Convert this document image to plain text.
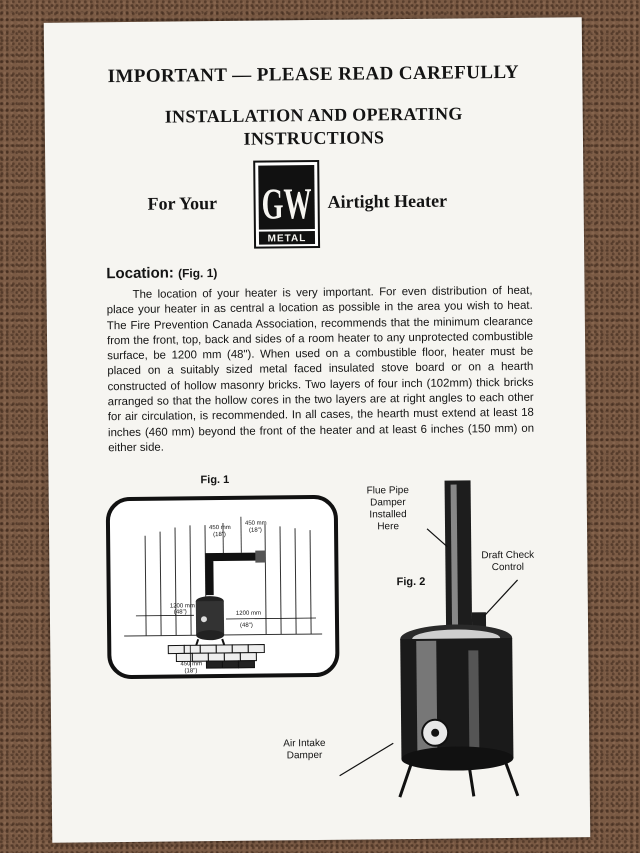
IMPORTANT — PLEASE READ CAREFULLY
INSTALLATION AND OPERATING
INSTRUCTIONS
For Your GW
METAL
Airtight Heater
Location: (Fig. 1)
The location of your heater is very important. For even distribution of heat, place your heater in as central a location as possible in the area you wish to heat. The Fire Prevention Canada Association, recommends that the minimum clearance from the front, top, back and sides of a room heater to any unprotected combustible surface, be 1200 mm (48"). When used on a combustible floor, heater must be placed on a suitably sized metal faced insulated stove board or on a hearth constructed of hollow masonry bricks. Two layers of four inch (102mm) thick bricks arranged so that the hollow cores in the two layers are at right angles to each other for air circulation, is recommended. In all cases, the hearth must extend at least 18 inches (460 mm) beyond the front of the heater and at least 6 inches (150 mm) on either side.
Fig. 1
450 mm
(18")
450 mm
(18")
1200 mm
(48")	1200 mm
(48")
450 mm
(18")
Flue Pipe
Damper
Installed
Here
Draft Check
Control
Air Intake
Damper
Fig. 2
